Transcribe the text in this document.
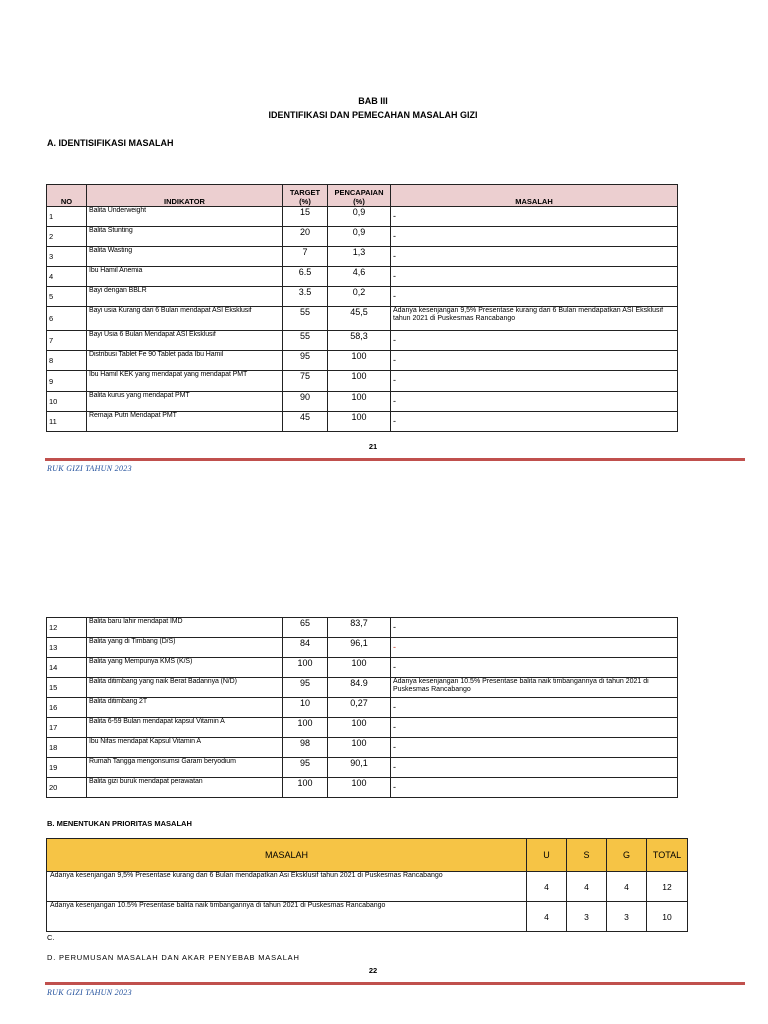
BAB III
IDENTIFIKASI DAN PEMECAHAN MASALAH GIZI
A. IDENTISIFIKASI MASALAH
NO	INDIKATOR	TARGET (%)	PENCAPAIAN (%)	MASALAH
1	Balita Underweight	15	0,9	-

2	Balita Stunting	20	0,9	-

3	Balita Wasting	7	1,3	-

4	Ibu Hamil Anemia	6.5	4,6	-

5	Bayi dengan BBLR	3.5	0,2	-

6	Bayi usia Kurang dari 6 Bulan mendapat ASI Eksklusif	55	45,5	Adanya kesenjangan 9,5% Presentase kurang dari 6 Bulan mendapatkan ASI Eksklusif tahun 2021 di Puskesmas Rancabango
7	Bayi Usia 6 Bulan Mendapat ASI Eksklusif	55	58,3	-

8	Distribusi Tablet Fe 90 Tablet pada Ibu Hamil	95	100	-

9	Ibu Hamil KEK yang mendapat yang mendapat PMT	75	100	-

10	Balita kurus yang mendapat PMT	90	100	-

11	Remaja Putri Mendapat PMT	45	100	-
21
RUK GIZI TAHUN 2023
12	Balita baru lahir mendapat IMD	65	83,7	-

13	Balita yang di Timbang (D/S)	84	96,1	-

14	Balita yang Mempunya KMS (K/S)	100	100	-

15	Balita ditimbang yang naik Berat Badannya (N/D)	95	84.9	Adanya kesenjangan 10.5% Presentase balita naik timbangannya di tahun 2021 di Puskesmas Rancabango
16	Balita ditimbang 2T	10	0,27	-

17	Balita 6-59 Bulan mendapat kapsul Vitamin A	100	100	-

18	Ibu Nifas mendapat Kapsul Vitamin A	98	100	-

19	Rumah Tangga mengonsumsi Garam beryodium	95	90,1	-

20	Balita gizi buruk mendapat perawatan	100	100	-
B. MENENTUKAN PRIORITAS MASALAH
MASALAH	U	S	G	TOTAL
Adanya kesenjangan 9,5% Presentase kurang dari 6 Bulan mendapatkan Asi Eksklusif tahun 2021 di Puskesmas Rancabango	4	4	4	12
Adanya kesenjangan 10.5% Presentase balita naik timbangannya di tahun 2021 di Puskesmas Rancabango	4	3	3	10
C.
D. PERUMUSAN MASALAH DAN AKAR PENYEBAB MASALAH
22
RUK GIZI TAHUN 2023
